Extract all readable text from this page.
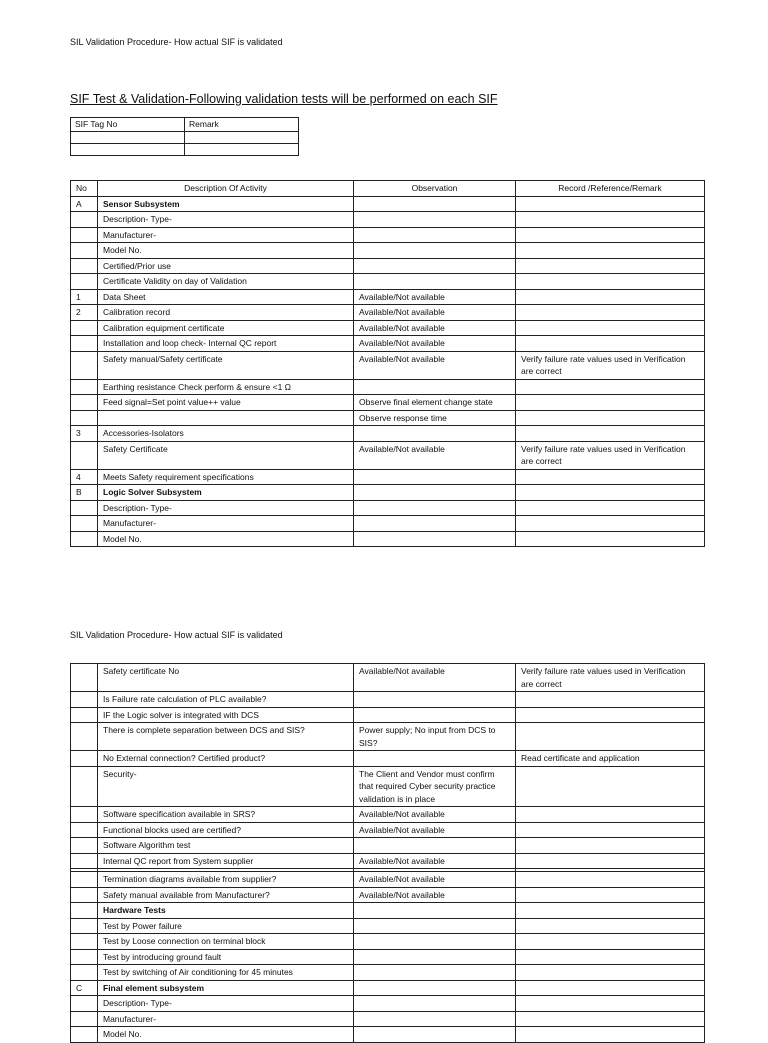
SIL Validation Procedure- How actual SIF is validated
SIF Test & Validation-Following validation tests will be performed on each SIF
SIF Tag No	Remark

No	Description Of Activity	Observation	Record /Reference/Remark
A	Sensor Subsystem		
	Description- Type-		
	Manufacturer-		
	Model No.		
	Certified/Prior use		
	Certificate Validity on day of Validation		
1	Data Sheet	Available/Not available	
2	Calibration record	Available/Not available	
	Calibration equipment certificate	Available/Not available	
	Installation and loop check- Internal QC report	Available/Not available	
	Safety manual/Safety certificate	Available/Not available	Verify failure rate values used in Verification are correct
	Earthing resistance Check perform & ensure <1 Ω		
	Feed signal=Set point value++ value	Observe final element change state	
		Observe response time	
3	Accessories-Isolators		
	Safety Certificate	Available/Not available	Verify failure rate values used in Verification are correct
4	Meets Safety requirement specifications		
B	Logic Solver Subsystem		
	Description- Type-		
	Manufacturer-		
	Model No.		
SIL Validation Procedure- How actual SIF is validated
	Safety certificate No	Available/Not available	Verify failure rate values used in Verification are correct
	Is Failure rate calculation of PLC available?		
	IF the Logic solver is integrated with DCS		
	There is complete separation between DCS and SIS?	Power supply; No input from DCS to SIS?	
	No External connection? Certified product?		Read certificate and application
	Security-	The Client and Vendor must confirm that required Cyber security practice validation is in place	
	Software specification available in SRS?	Available/Not available	
	Functional blocks used are certified?	Available/Not available	
	Software Algorithm test		
	Internal QC report from System supplier	Available/Not available	

	Termination diagrams available from supplier?	Available/Not available	
	Safety manual available from Manufacturer?	Available/Not available	
	Hardware Tests		
	Test by Power failure		
	Test by Loose connection on terminal block		
	Test by introducing ground fault		
	Test by switching of Air conditioning for 45 minutes		
C	Final element subsystem		
	Description- Type-		
	Manufacturer-		
	Model No.		
